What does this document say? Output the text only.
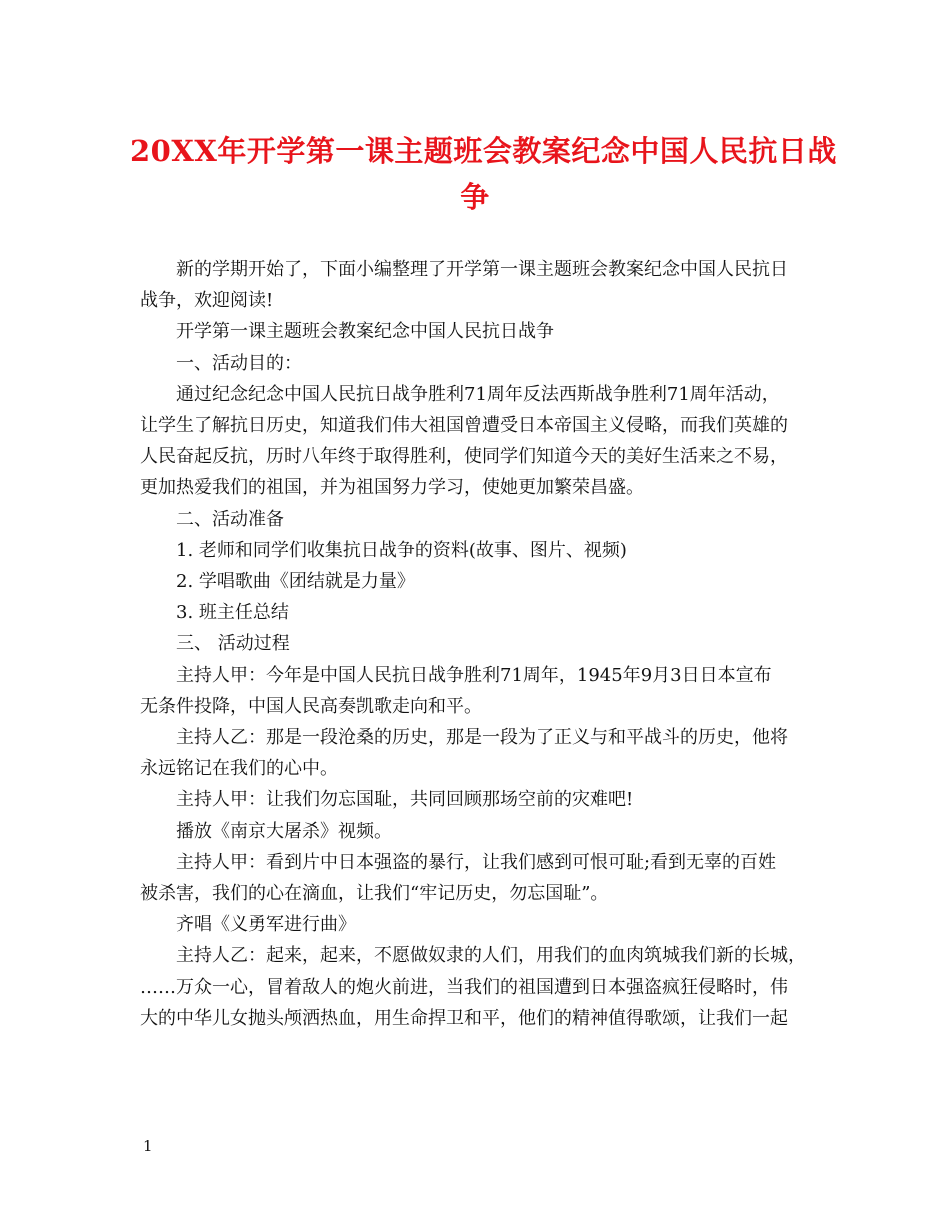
20XX年开学第一课主题班会教案纪念中国人民抗日战
争

新的学期开始了，下面小编整理了开学第一课主题班会教案纪念中国人民抗日
战争，欢迎阅读!

开学第一课主题班会教案纪念中国人民抗日战争

一、活动目的：

通过纪念纪念中国人民抗日战争胜利71周年反法西斯战争胜利71周年活动，
让学生了解抗日历史，知道我们伟大祖国曾遭受日本帝国主义侵略，而我们英雄的
人民奋起反抗，历时八年终于取得胜利，使同学们知道今天的美好生活来之不易，
更加热爱我们的祖国，并为祖国努力学习，使她更加繁荣昌盛。

二、活动准备

1. 老师和同学们收集抗日战争的资料(故事、图片、视频)

2. 学唱歌曲《团结就是力量》

3. 班主任总结

三、 活动过程

主持人甲：今年是中国人民抗日战争胜利71周年，1945年9月3日日本宣布
无条件投降，中国人民高奏凯歌走向和平。

主持人乙：那是一段沧桑的历史，那是一段为了正义与和平战斗的历史，他将
永远铭记在我们的心中。

主持人甲：让我们勿忘国耻，共同回顾那场空前的灾难吧!

播放《南京大屠杀》视频。

主持人甲：看到片中日本强盗的暴行，让我们感到可恨可耻;看到无辜的百姓
被杀害，我们的心在滴血，让我们“牢记历史，勿忘国耻”。

齐唱《义勇军进行曲》

主持人乙：起来，起来，不愿做奴隶的人们，用我们的血肉筑城我们新的长城，
……万众一心，冒着敌人的炮火前进，当我们的祖国遭到日本强盗疯狂侵略时，伟
大的中华儿女抛头颅洒热血，用生命捍卫和平，他们的精神值得歌颂，让我们一起

1
